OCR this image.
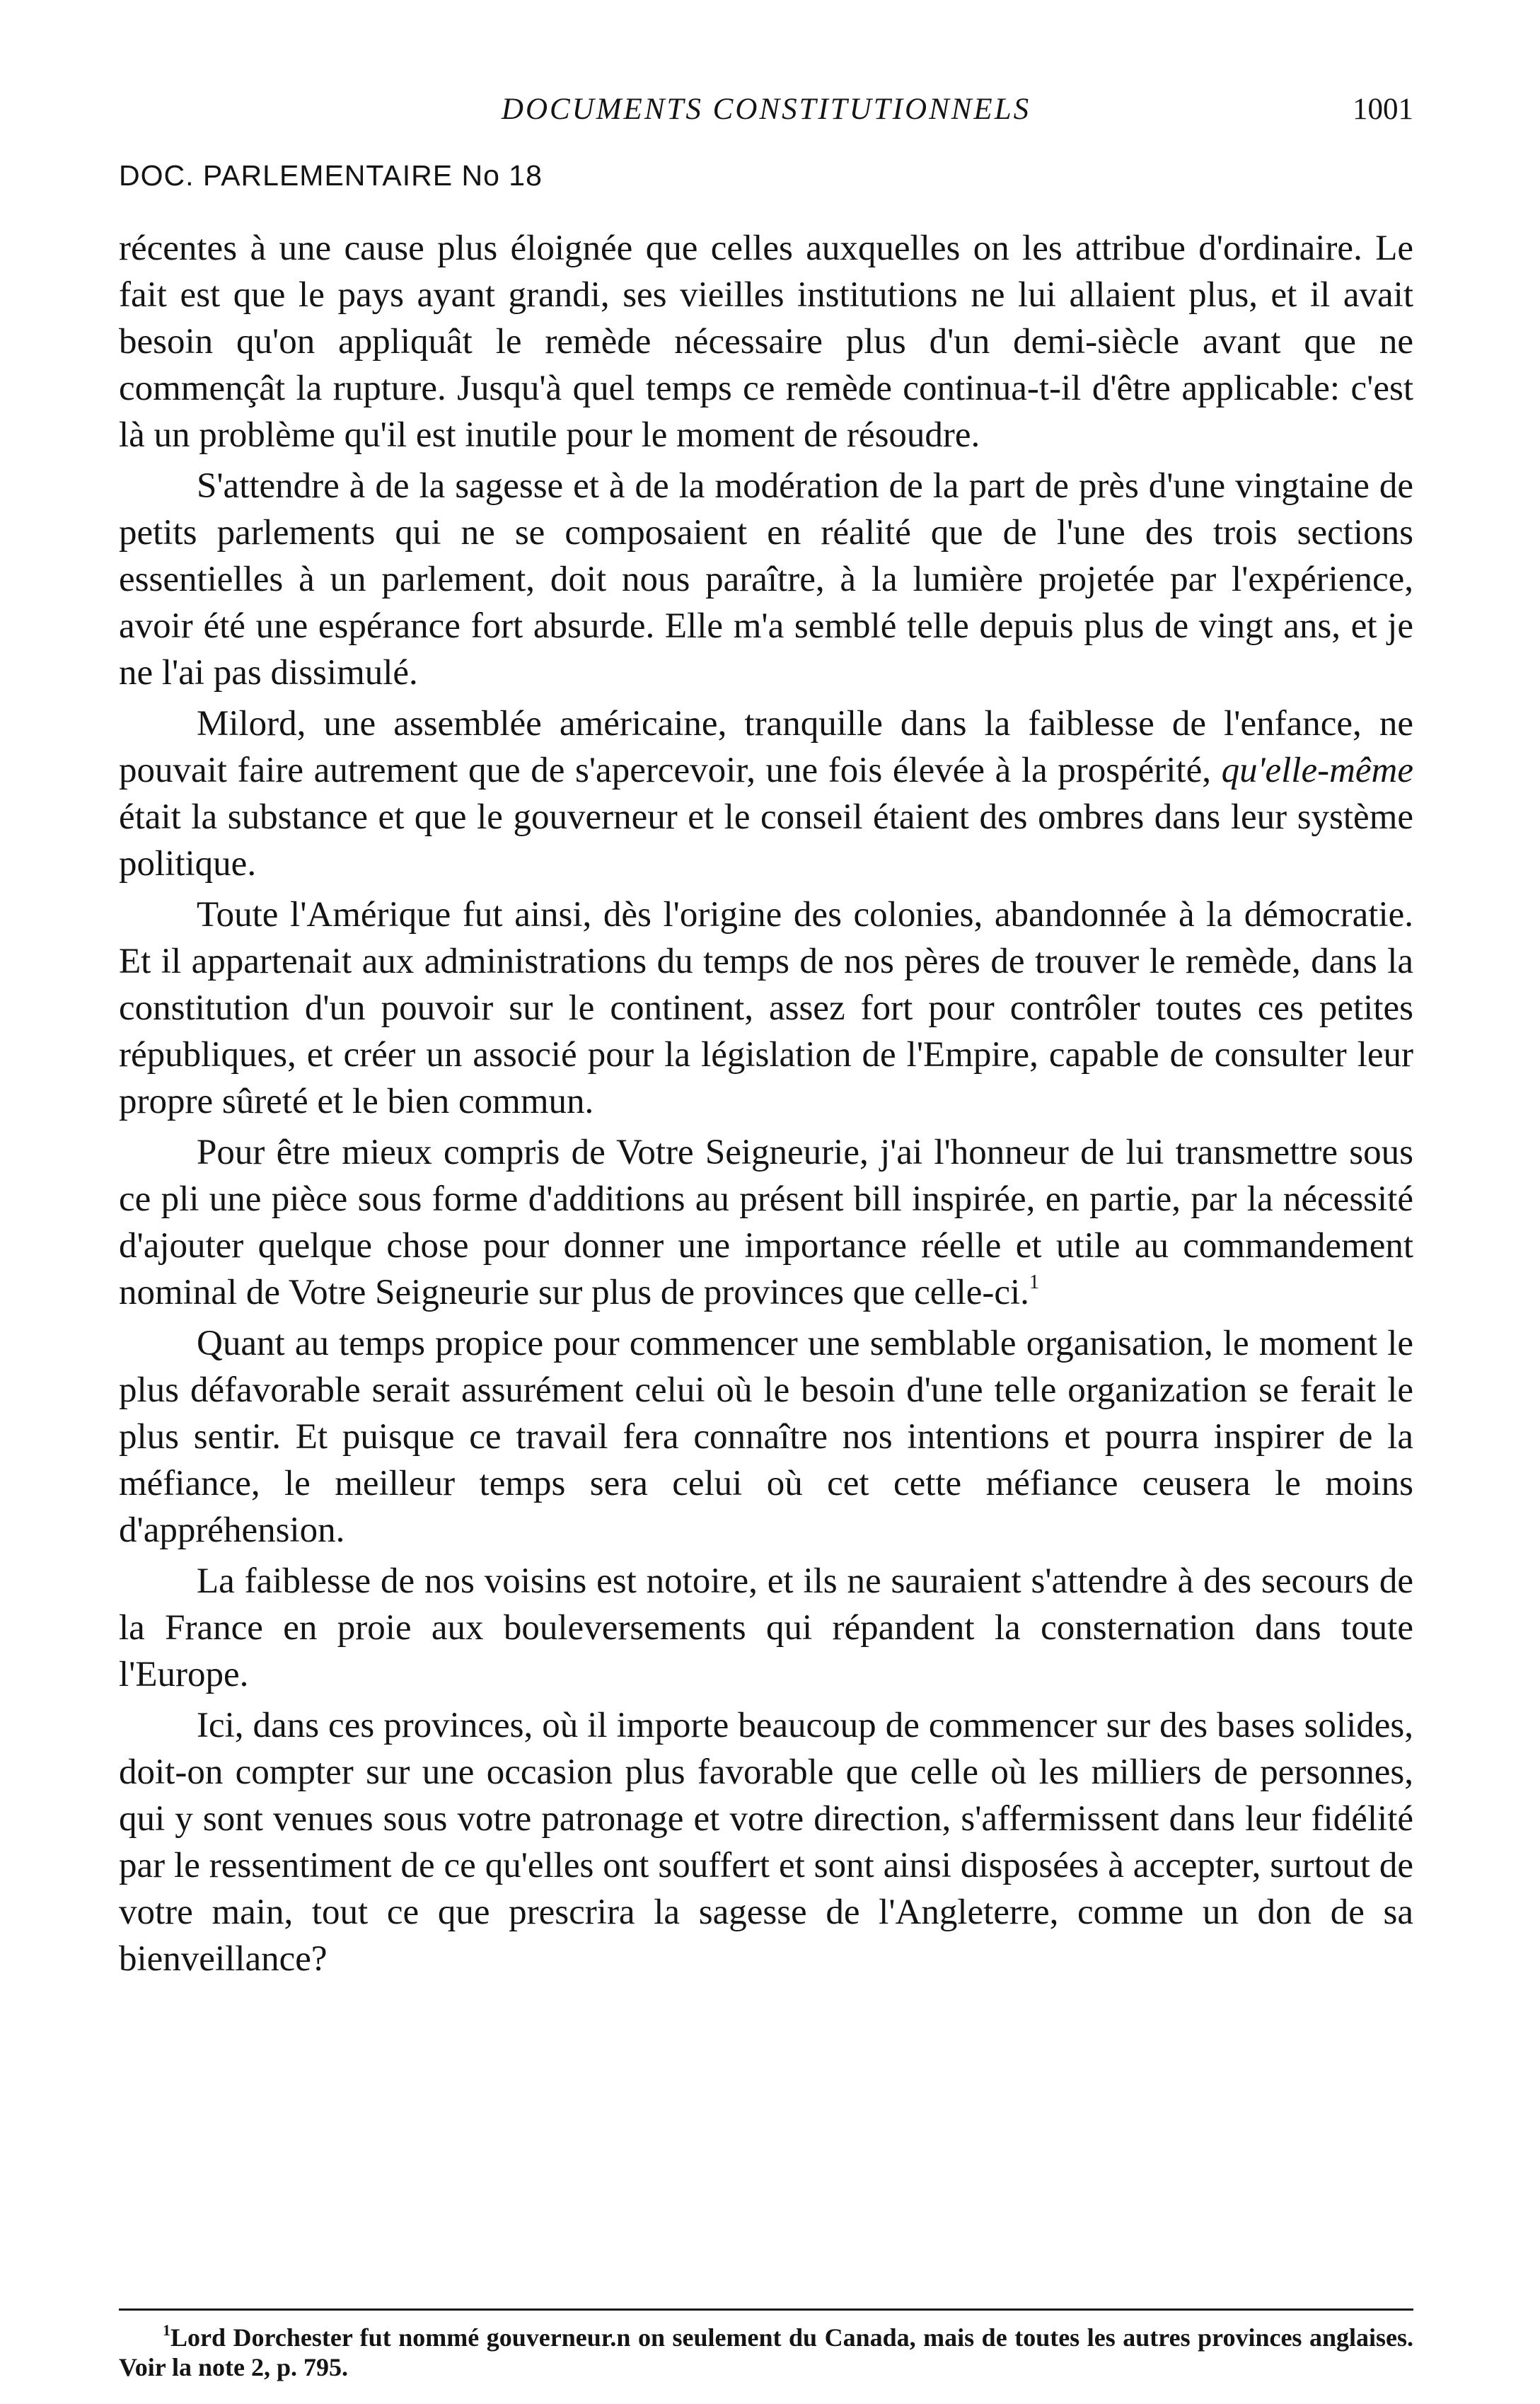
DOCUMENTS CONSTITUTIONNELS	1001
DOC. PARLEMENTAIRE No 18

récentes à une cause plus éloignée que celles auxquelles on les attribue d'ordinaire. Le fait est que le pays ayant grandi, ses vieilles institutions ne lui allaient plus, et il avait besoin qu'on appliquât le remède nécessaire plus d'un demi-siècle avant que ne commençât la rupture. Jusqu'à quel temps ce remède continua-t-il d'être applicable: c'est là un problème qu'il est inutile pour le moment de résoudre.

S'attendre à de la sagesse et à de la modération de la part de près d'une vingtaine de petits parlements qui ne se composaient en réalité que de l'une des trois sections essentielles à un parlement, doit nous paraître, à la lumière projetée par l'expérience, avoir été une espérance fort absurde. Elle m'a semblé telle depuis plus de vingt ans, et je ne l'ai pas dissimulé.

Milord, une assemblée américaine, tranquille dans la faiblesse de l'enfance, ne pouvait faire autrement que de s'apercevoir, une fois élevée à la prospérité, qu'elle-même était la substance et que le gouverneur et le conseil étaient des ombres dans leur système politique.

Toute l'Amérique fut ainsi, dès l'origine des colonies, abandonnée à la démocratie. Et il appartenait aux administrations du temps de nos pères de trouver le remède, dans la constitution d'un pouvoir sur le continent, assez fort pour contrôler toutes ces petites républiques, et créer un associé pour la législation de l'Empire, capable de consulter leur propre sûreté et le bien commun.

Pour être mieux compris de Votre Seigneurie, j'ai l'honneur de lui transmettre sous ce pli une pièce sous forme d'additions au présent bill inspirée, en partie, par la nécessité d'ajouter quelque chose pour donner une importance réelle et utile au commandement nominal de Votre Seigneurie sur plus de provinces que celle-ci.$^1$

Quant au temps propice pour commencer une semblable organisation, le moment le plus défavorable serait assurément celui où le besoin d'une telle organization se ferait le plus sentir. Et puisque ce travail fera connaître nos intentions et pourra inspirer de la méfiance, le meilleur temps sera celui où cet cette méfiance ceusera le moins d'appréhension.

La faiblesse de nos voisins est notoire, et ils ne sauraient s'attendre à des secours de la France en proie aux bouleversements qui répandent la consternation dans toute l'Europe.

Ici, dans ces provinces, où il importe beaucoup de commencer sur des bases solides, doit-on compter sur une occasion plus favorable que celle où les milliers de personnes, qui y sont venues sous votre patronage et votre direction, s'affermissent dans leur fidélité par le ressentiment de ce qu'elles ont souffert et sont ainsi disposées à accepter, surtout de votre main, tout ce que prescrira la sagesse de l'Angleterre, comme un don de sa bienveillance?

$^1$Lord Dorchester fut nommé gouverneur.n on seulement du Canada, mais de toutes les autres provinces anglaises. Voir la note 2, p. 795.
